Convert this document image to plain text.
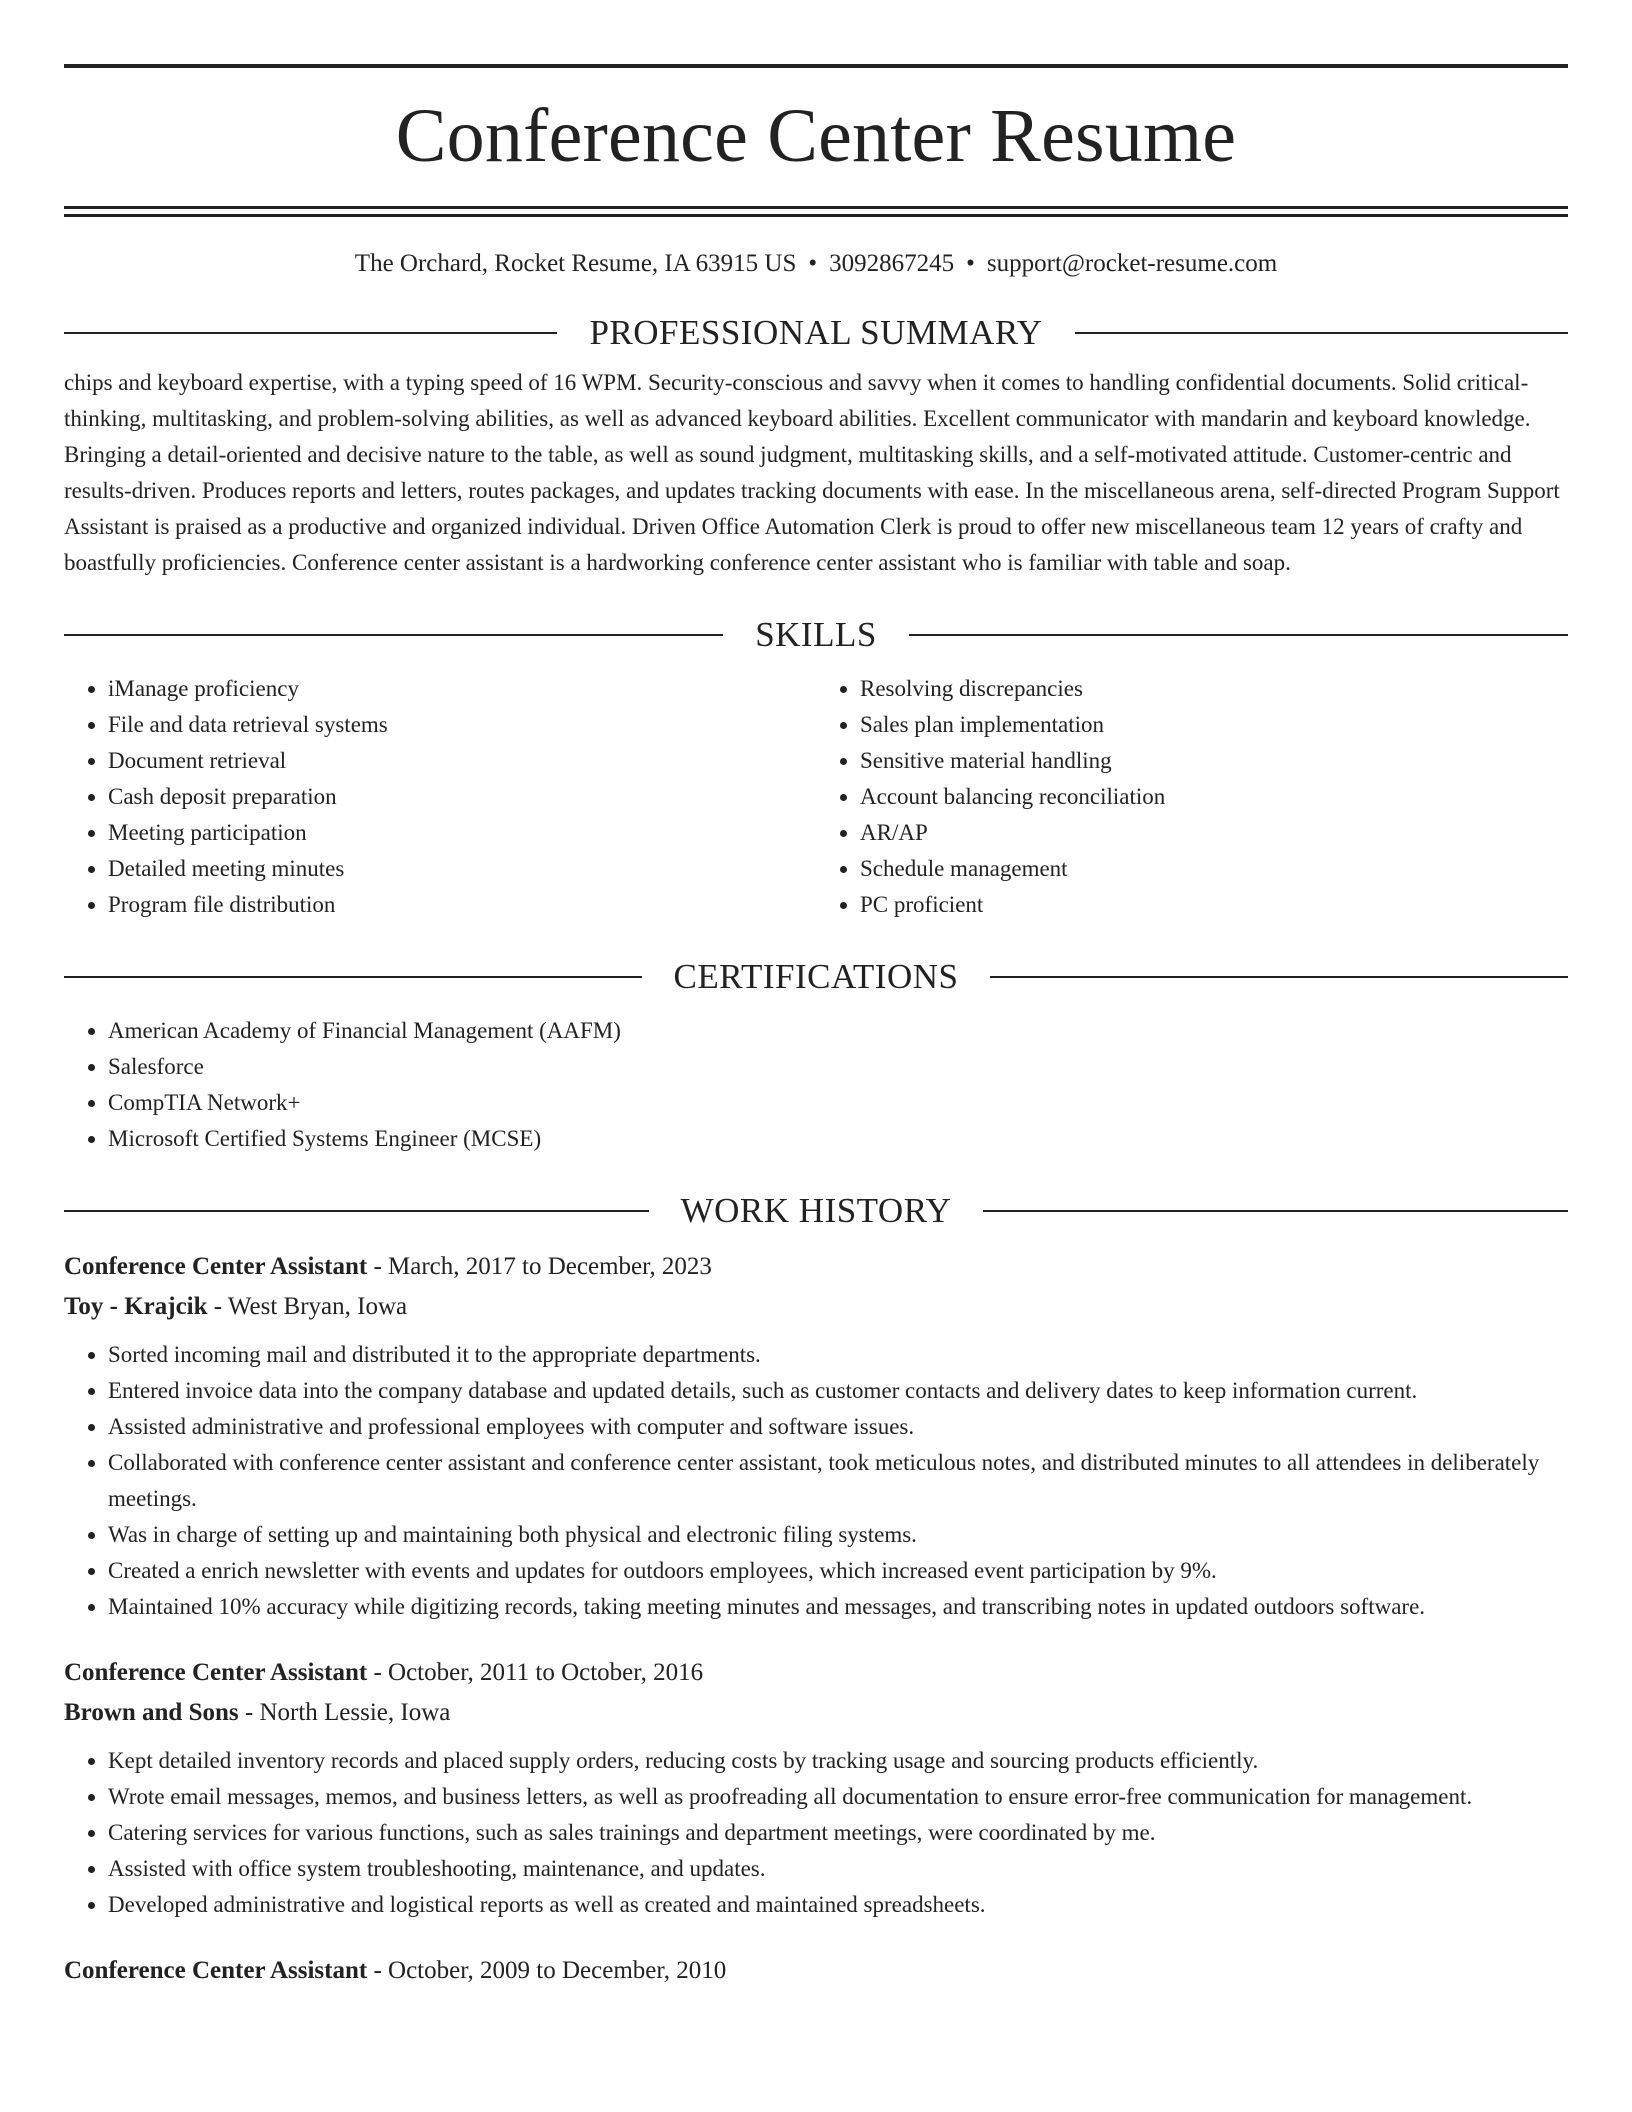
Conference Center Resume
The Orchard, Rocket Resume, IA 63915 US • 3092867245 • support@rocket-resume.com
PROFESSIONAL SUMMARY
chips and keyboard expertise, with a typing speed of 16 WPM. Security-conscious and savvy when it comes to handling confidential documents. Solid critical-thinking, multitasking, and problem-solving abilities, as well as advanced keyboard abilities. Excellent communicator with mandarin and keyboard knowledge. Bringing a detail-oriented and decisive nature to the table, as well as sound judgment, multitasking skills, and a self-motivated attitude. Customer-centric and results-driven. Produces reports and letters, routes packages, and updates tracking documents with ease. In the miscellaneous arena, self-directed Program Support Assistant is praised as a productive and organized individual. Driven Office Automation Clerk is proud to offer new miscellaneous team 12 years of crafty and boastfully proficiencies. Conference center assistant is a hardworking conference center assistant who is familiar with table and soap.
SKILLS
• iManage proficiency
• File and data retrieval systems
• Document retrieval
• Cash deposit preparation
• Meeting participation
• Detailed meeting minutes
• Program file distribution
• Resolving discrepancies
• Sales plan implementation
• Sensitive material handling
• Account balancing reconciliation
• AR/AP
• Schedule management
• PC proficient
CERTIFICATIONS
• American Academy of Financial Management (AAFM)
• Salesforce
• CompTIA Network+
• Microsoft Certified Systems Engineer (MCSE)
WORK HISTORY
Conference Center Assistant - March, 2017 to December, 2023
Toy - Krajcik - West Bryan, Iowa
• Sorted incoming mail and distributed it to the appropriate departments.
• Entered invoice data into the company database and updated details, such as customer contacts and delivery dates to keep information current.
• Assisted administrative and professional employees with computer and software issues.
• Collaborated with conference center assistant and conference center assistant, took meticulous notes, and distributed minutes to all attendees in deliberately meetings.
• Was in charge of setting up and maintaining both physical and electronic filing systems.
• Created a enrich newsletter with events and updates for outdoors employees, which increased event participation by 9%.
• Maintained 10% accuracy while digitizing records, taking meeting minutes and messages, and transcribing notes in updated outdoors software.
Conference Center Assistant - October, 2011 to October, 2016
Brown and Sons - North Lessie, Iowa
• Kept detailed inventory records and placed supply orders, reducing costs by tracking usage and sourcing products efficiently.
• Wrote email messages, memos, and business letters, as well as proofreading all documentation to ensure error-free communication for management.
• Catering services for various functions, such as sales trainings and department meetings, were coordinated by me.
• Assisted with office system troubleshooting, maintenance, and updates.
• Developed administrative and logistical reports as well as created and maintained spreadsheets.
Conference Center Assistant - October, 2009 to December, 2010
